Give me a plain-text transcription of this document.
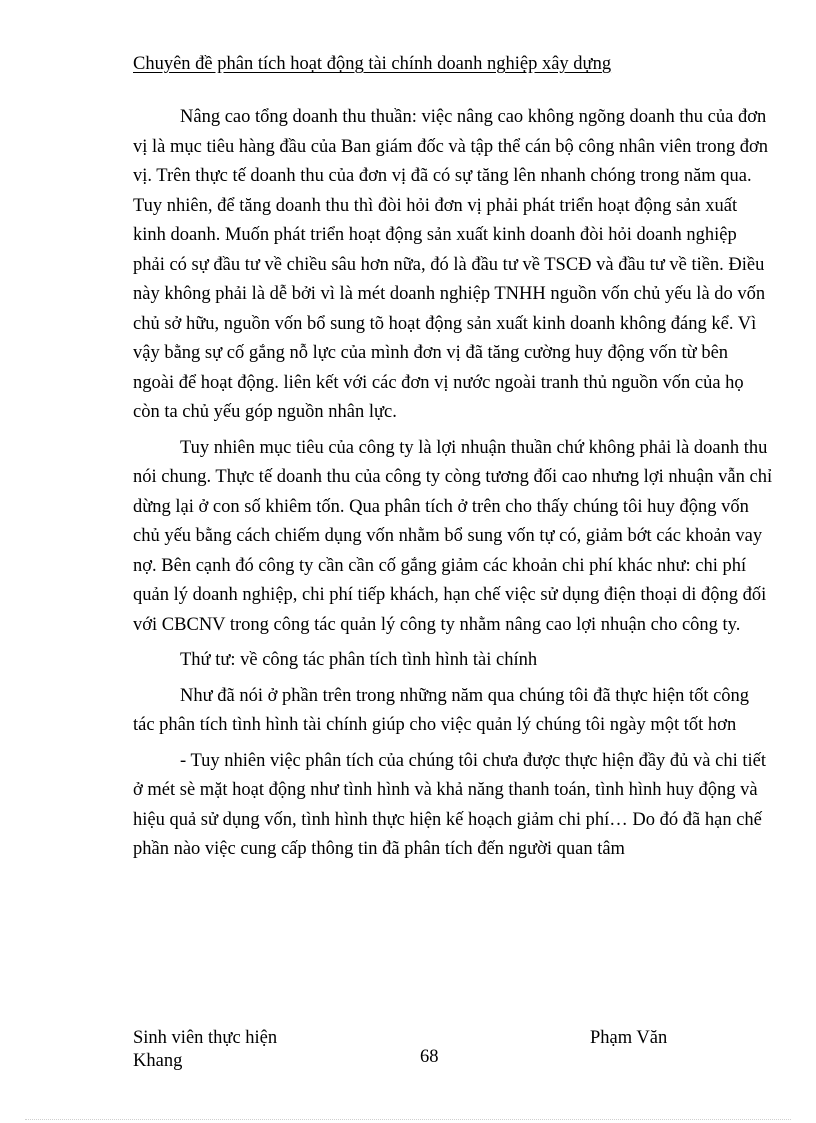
Chuyên đề phân tích hoạt động tài chính doanh nghiệp xây dựng

Nâng cao tổng doanh thu thuần: việc nâng cao không ngõng doanh thu của đơn vị là mục tiêu hàng đầu của Ban giám đốc và tập thể cán bộ công nhân viên trong đơn vị. Trên thực tế doanh thu của đơn vị đã có sự tăng lên nhanh chóng trong năm qua. Tuy nhiên, để tăng doanh thu thì đòi hỏi đơn vị phải phát triển hoạt động sản xuất kinh doanh. Muốn phát triển hoạt động sản xuất kinh doanh đòi hỏi doanh nghiệp phải có sự đầu tư về chiều sâu hơn nữa, đó là đầu tư về TSCĐ và đầu tư về tiền. Điều này không phải là dễ bởi vì là mét doanh nghiệp TNHH nguồn vốn chủ yếu là do vốn chủ sở hữu, nguồn vốn bổ sung tõ hoạt động sản xuất kinh doanh không đáng kể. Vì vậy bằng sự cố gắng nỗ lực của mình đơn vị đã tăng cường huy động vốn từ bên ngoài để hoạt động. liên kết với các đơn vị nước ngoài tranh thủ nguồn vốn của họ còn ta chủ yếu góp nguồn nhân lực.

Tuy nhiên mục tiêu của công ty là lợi nhuận thuần chứ không phải là doanh thu nói chung. Thực tế doanh thu của công ty còng tương đối cao nhưng lợi nhuận vẫn chỉ dừng lại ở con số khiêm tốn. Qua phân tích ở trên cho thấy chúng tôi huy động vốn chủ yếu bằng cách chiếm dụng vốn nhằm bổ sung vốn tự có, giảm bớt các khoản vay nợ. Bên cạnh đó công ty cần cần cố gắng giảm các khoản chi phí khác như: chi phí quản lý doanh nghiệp, chi phí tiếp khách, hạn chế việc sử dụng điện thoại di động đối với CBCNV trong công tác quản lý công ty nhằm nâng cao lợi nhuận cho công ty.

Thứ tư: về công tác phân tích tình hình tài chính

Như đã nói ở phần trên trong những năm qua chúng tôi đã thực hiện tốt công tác phân tích tình hình tài chính giúp cho việc quản lý chúng tôi ngày một tốt hơn

- Tuy nhiên việc phân tích của chúng tôi chưa được thực hiện đầy đủ và chi tiết ở mét sè mặt hoạt động như tình hình và khả năng thanh toán, tình hình huy động và hiệu quả sử dụng vốn, tình hình thực hiện kế hoạch giảm chi phí… Do đó đã hạn chế phần nào việc cung cấp thông tin đã phân tích đến người quan tâm

Sinh viên thực hiện
Khang	68
Phạm Văn
